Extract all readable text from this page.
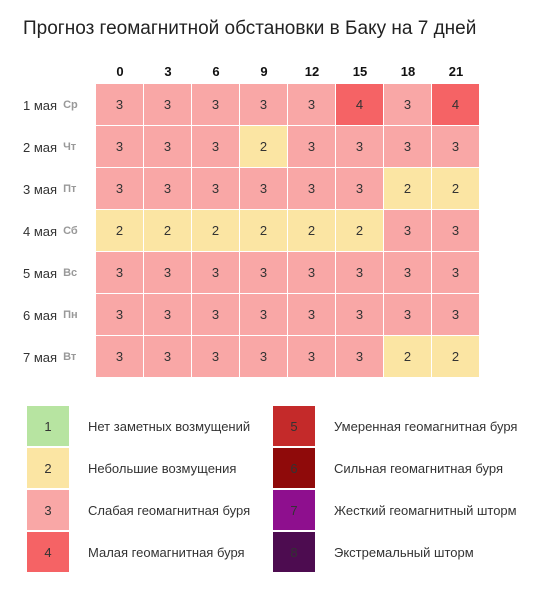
Прогноз геомагнитной обстановки в Баку на 7 дней
0	3	6	9	12	15	18	21
1 мая Ср	3	3	3	3	3	4	3	4
2 мая Чт	3	3	3	2	3	3	3	3
3 мая Пт	3	3	3	3	3	3	2	2
4 мая Сб	2	2	2	2	2	2	3	3
5 мая Вс	3	3	3	3	3	3	3	3
6 мая Пн	3	3	3	3	3	3	3	3
7 мая Вт	3	3	3	3	3	3	2	2
1	Нет заметных возмущений
2	Небольшие возмущения
3	Слабая геомагнитная буря
4	Малая геомагнитная буря
5	Умеренная геомагнитная буря
6	Сильная геомагнитная буря
7	Жесткий геомагнитный шторм
8	Экстремальный шторм
